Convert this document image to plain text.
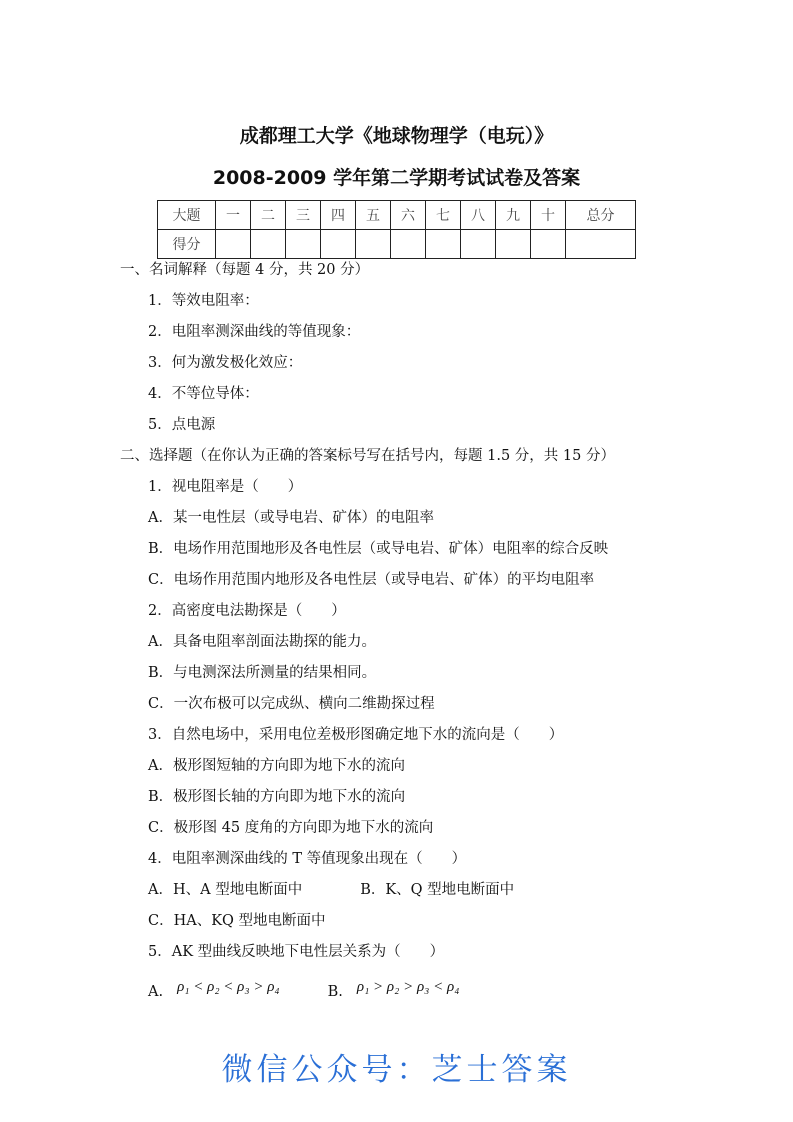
成都理工大学《地球物理学（电玩）》
2008-2009 学年第二学期考试试卷及答案
大题	一	二	三	四	五	六	七	八	九	十	总分
得分											
一、名词解释（每题 4 分，共 20 分）
1．等效电阻率：
2．电阻率测深曲线的等值现象：
3．何为激发极化效应：
4．不等位导体：
5．点电源
二、选择题（在你认为正确的答案标号写在括号内，每题 1.5 分，共 15 分）
1．视电阻率是（　　）
A．某一电性层（或导电岩、矿体）的电阻率
B．电场作用范围地形及各电性层（或导电岩、矿体）电阻率的综合反映
C．电场作用范围内地形及各电性层（或导电岩、矿体）的平均电阻率
2．高密度电法勘探是（　　）
A．具备电阻率剖面法勘探的能力。
B．与电测深法所测量的结果相同。
C．一次布极可以完成纵、横向二维勘探过程
3．自然电场中，采用电位差极形图确定地下水的流向是（　　）
A．极形图短轴的方向即为地下水的流向
B．极形图长轴的方向即为地下水的流向
C．极形图 45 度角的方向即为地下水的流向
4．电阻率测深曲线的 T 等值现象出现在（　　）
A．H、A 型地电断面中　　　　B．K、Q 型地电断面中
C．HA、KQ 型地电断面中
5．AK 型曲线反映地下电性层关系为（　　）
A. ρ₁ < ρ₂ < ρ₃ > ρ₄	B. ρ₁ > ρ₂ > ρ₃ < ρ₄
微信公众号：芝士答案
